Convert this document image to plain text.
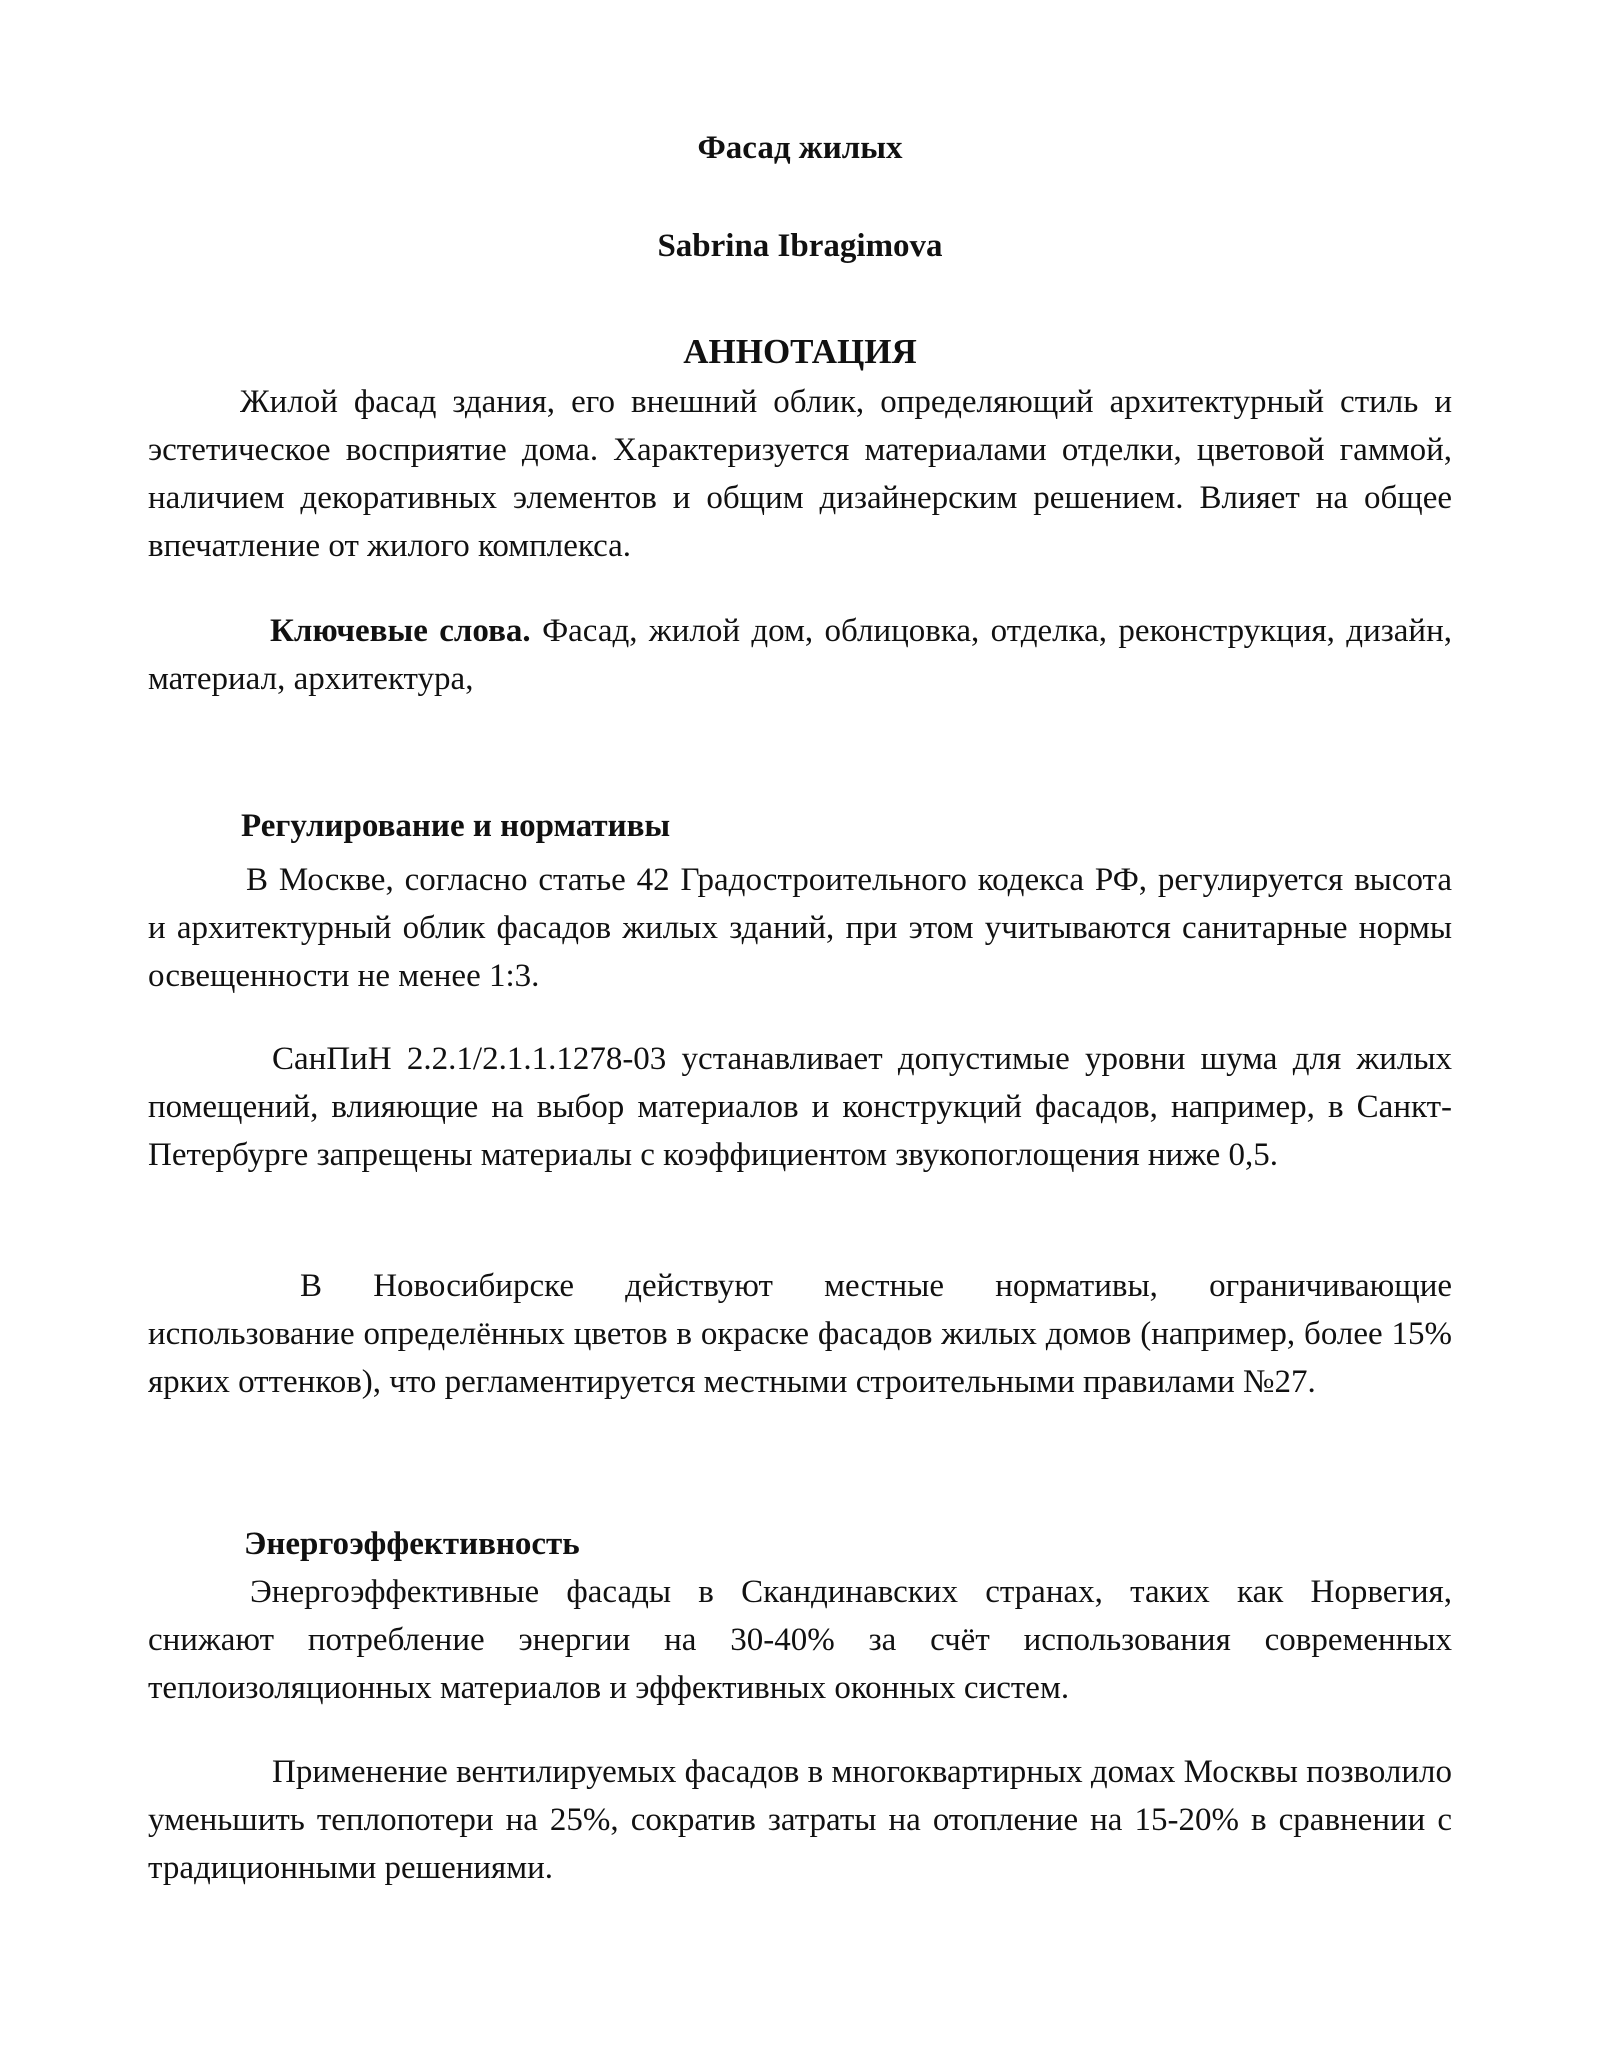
Фасад жилых
Sabrina Ibragimova
АННОТАЦИЯ

Жилой фасад здания, его внешний облик, определяющий архитектурный стиль и эстетическое восприятие дома. Характеризуется материалами отделки, цветовой гаммой, наличием декоративных элементов и общим дизайнерским решением. Влияет на общее впечатление от жилого комплекса.

Ключевые слова. Фасад, жилой дом, облицовка, отделка, реконструкция, дизайн, материал, архитектура,

Регулирование и нормативы

В Москве, согласно статье 42 Градостроительного кодекса РФ, регулируется высота и архитектурный облик фасадов жилых зданий, при этом учитываются санитарные нормы освещенности не менее 1:3.

СанПиН 2.2.1/2.1.1.1278-03 устанавливает допустимые уровни шума для жилых помещений, влияющие на выбор материалов и конструкций фасадов, например, в Санкт-Петербурге запрещены материалы с коэффициентом звукопоглощения ниже 0,5.

В Новосибирске действуют местные нормативы, ограничивающие использование определённых цветов в окраске фасадов жилых домов (например, более 15% ярких оттенков), что регламентируется местными строительными правилами №27.

Энергоэффективность

Энергоэффективные фасады в Скандинавских странах, таких как Норвегия, снижают потребление энергии на 30-40% за счёт использования современных теплоизоляционных материалов и эффективных оконных систем.

Применение вентилируемых фасадов в многоквартирных домах Москвы позволило уменьшить теплопотери на 25%, сократив затраты на отопление на 15-20% в сравнении с традиционными решениями.
